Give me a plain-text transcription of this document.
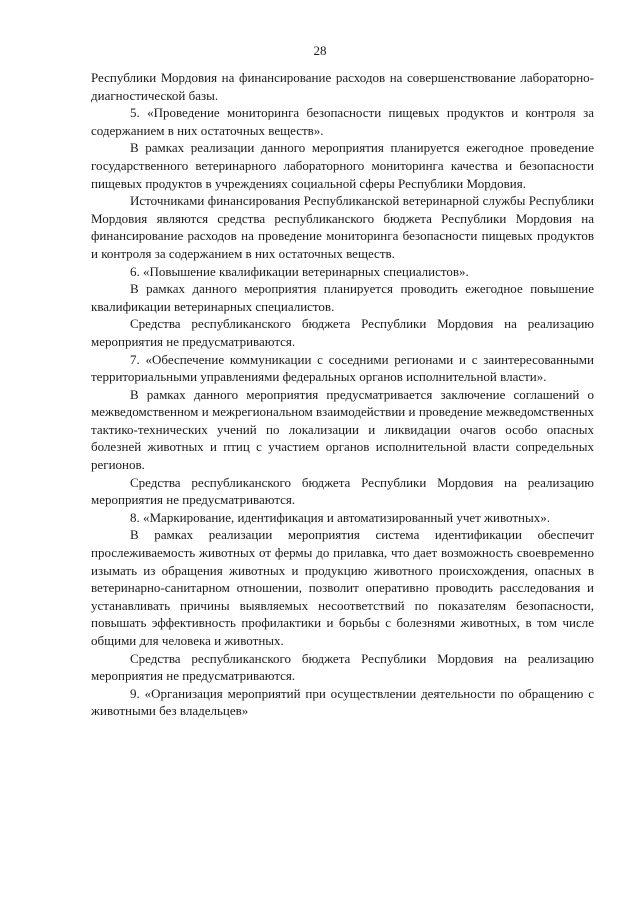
28

Республики Мордовия на финансирование расходов на совершенствование лабораторно-диагностической базы.

5. «Проведение мониторинга безопасности пищевых продуктов и контроля за содержанием в них остаточных веществ».

В рамках реализации данного мероприятия планируется ежегодное проведение государственного ветеринарного лабораторного мониторинга качества и безопасности пищевых продуктов в учреждениях социальной сферы Республики Мордовия.

Источниками финансирования Республиканской ветеринарной службы Республики Мордовия являются средства республиканского бюджета Республики Мордовия на финансирование расходов на проведение мониторинга безопасности пищевых продуктов и контроля за содержанием в них остаточных веществ.

6. «Повышение квалификации ветеринарных специалистов».

В рамках данного мероприятия планируется проводить ежегодное повышение квалификации ветеринарных специалистов.

Средства республиканского бюджета Республики Мордовия на реализацию мероприятия не предусматриваются.

7. «Обеспечение коммуникации с соседними регионами и с заинтересованными территориальными управлениями федеральных органов исполнительной власти».

В рамках данного мероприятия предусматривается заключение соглашений о межведомственном и межрегиональном взаимодействии и проведение межведомственных тактико-технических учений по локализации и ликвидации очагов особо опасных болезней животных и птиц с участием органов исполнительной власти сопредельных регионов.

Средства республиканского бюджета Республики Мордовия на реализацию мероприятия не предусматриваются.

8. «Маркирование, идентификация и автоматизированный учет животных».

В рамках реализации мероприятия система идентификации обеспечит прослеживаемость животных от фермы до прилавка, что дает возможность своевременно изымать из обращения животных и продукцию животного происхождения, опасных в ветеринарно-санитарном отношении, позволит оперативно проводить расследования и устанавливать причины выявляемых несоответствий по показателям безопасности, повышать эффективность профилактики и борьбы с болезнями животных, в том числе общими для человека и животных.

Средства республиканского бюджета Республики Мордовия на реализацию мероприятия не предусматриваются.

9. «Организация мероприятий при осуществлении деятельности по обращению с животными без владельцев»
